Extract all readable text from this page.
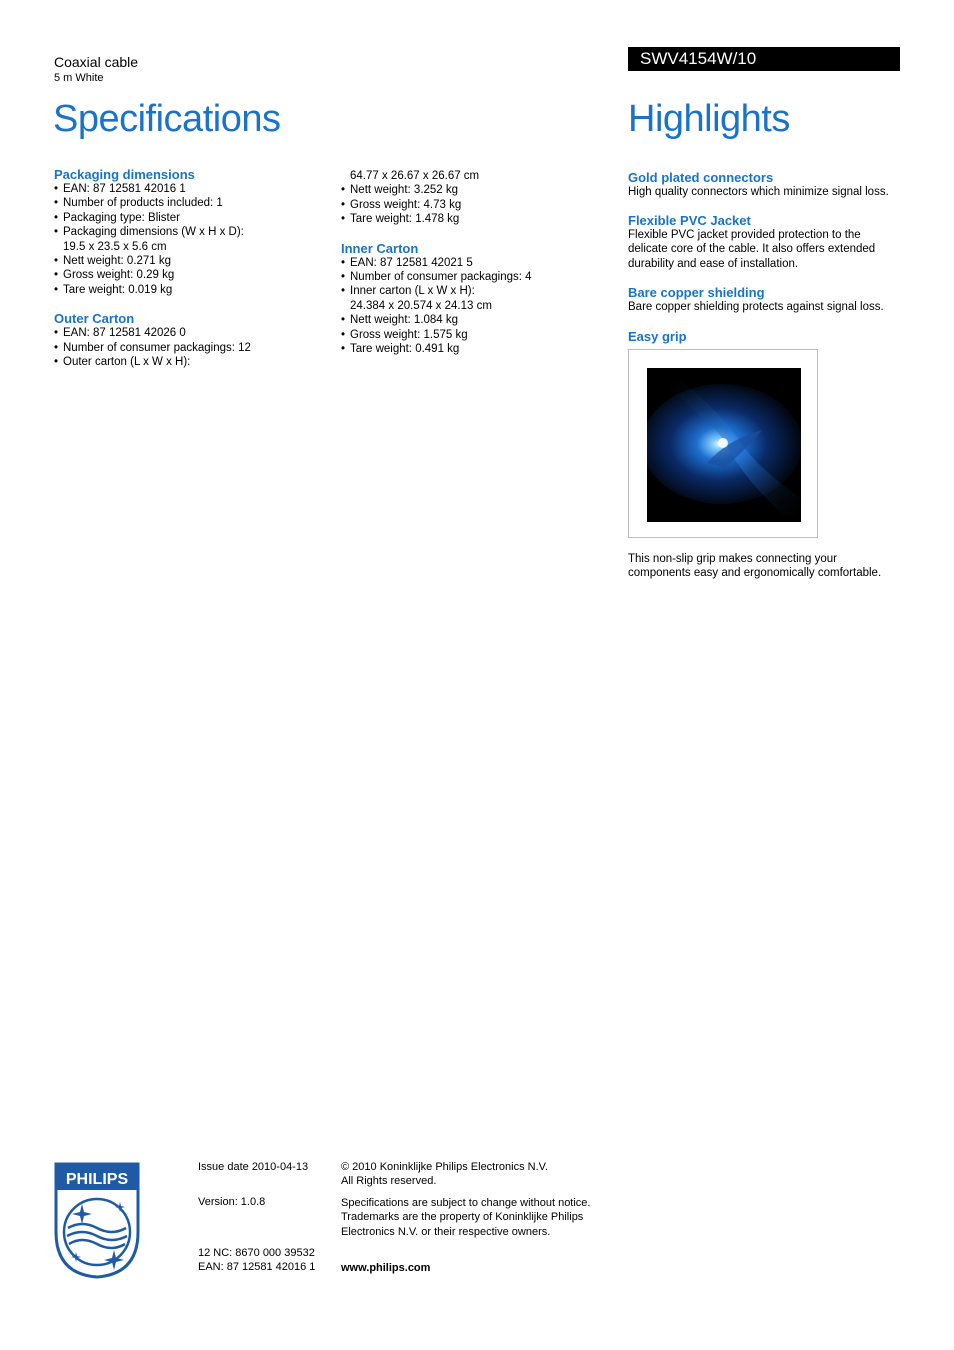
Coaxial cable
5 m White
Specifications
SWV4154W/10
Highlights
Packaging dimensions
• EAN: 87 12581 42016 1
• Number of products included: 1
• Packaging type: Blister
• Packaging dimensions (W x H x D):
19.5 x 23.5 x 5.6 cm
• Nett weight: 0.271 kg
• Gross weight: 0.29 kg
• Tare weight: 0.019 kg
Outer Carton
• EAN: 87 12581 42026 0
• Number of consumer packagings: 12
• Outer carton (L x W x H):
64.77 x 26.67 x 26.67 cm
• Nett weight: 3.252 kg
• Gross weight: 4.73 kg
• Tare weight: 1.478 kg
Inner Carton
• EAN: 87 12581 42021 5
• Number of consumer packagings: 4
• Inner carton (L x W x H):
24.384 x 20.574 x 24.13 cm
• Nett weight: 1.084 kg
• Gross weight: 1.575 kg
• Tare weight: 0.491 kg
Gold plated connectors
High quality connectors which minimize signal loss.
Flexible PVC Jacket
Flexible PVC jacket provided protection to the delicate core of the cable. It also offers extended durability and ease of installation.
Bare copper shielding
Bare copper shielding protects against signal loss.
Easy grip
This non-slip grip makes connecting your components easy and ergonomically comfortable.
PHILIPS
Issue date 2010-04-13
Version: 1.0.8
12 NC: 8670 000 39532
EAN: 87 12581 42016 1
© 2010 Koninklijke Philips Electronics N.V.
All Rights reserved.
Specifications are subject to change without notice.
Trademarks are the property of Koninklijke Philips
Electronics N.V. or their respective owners.
www.philips.com
